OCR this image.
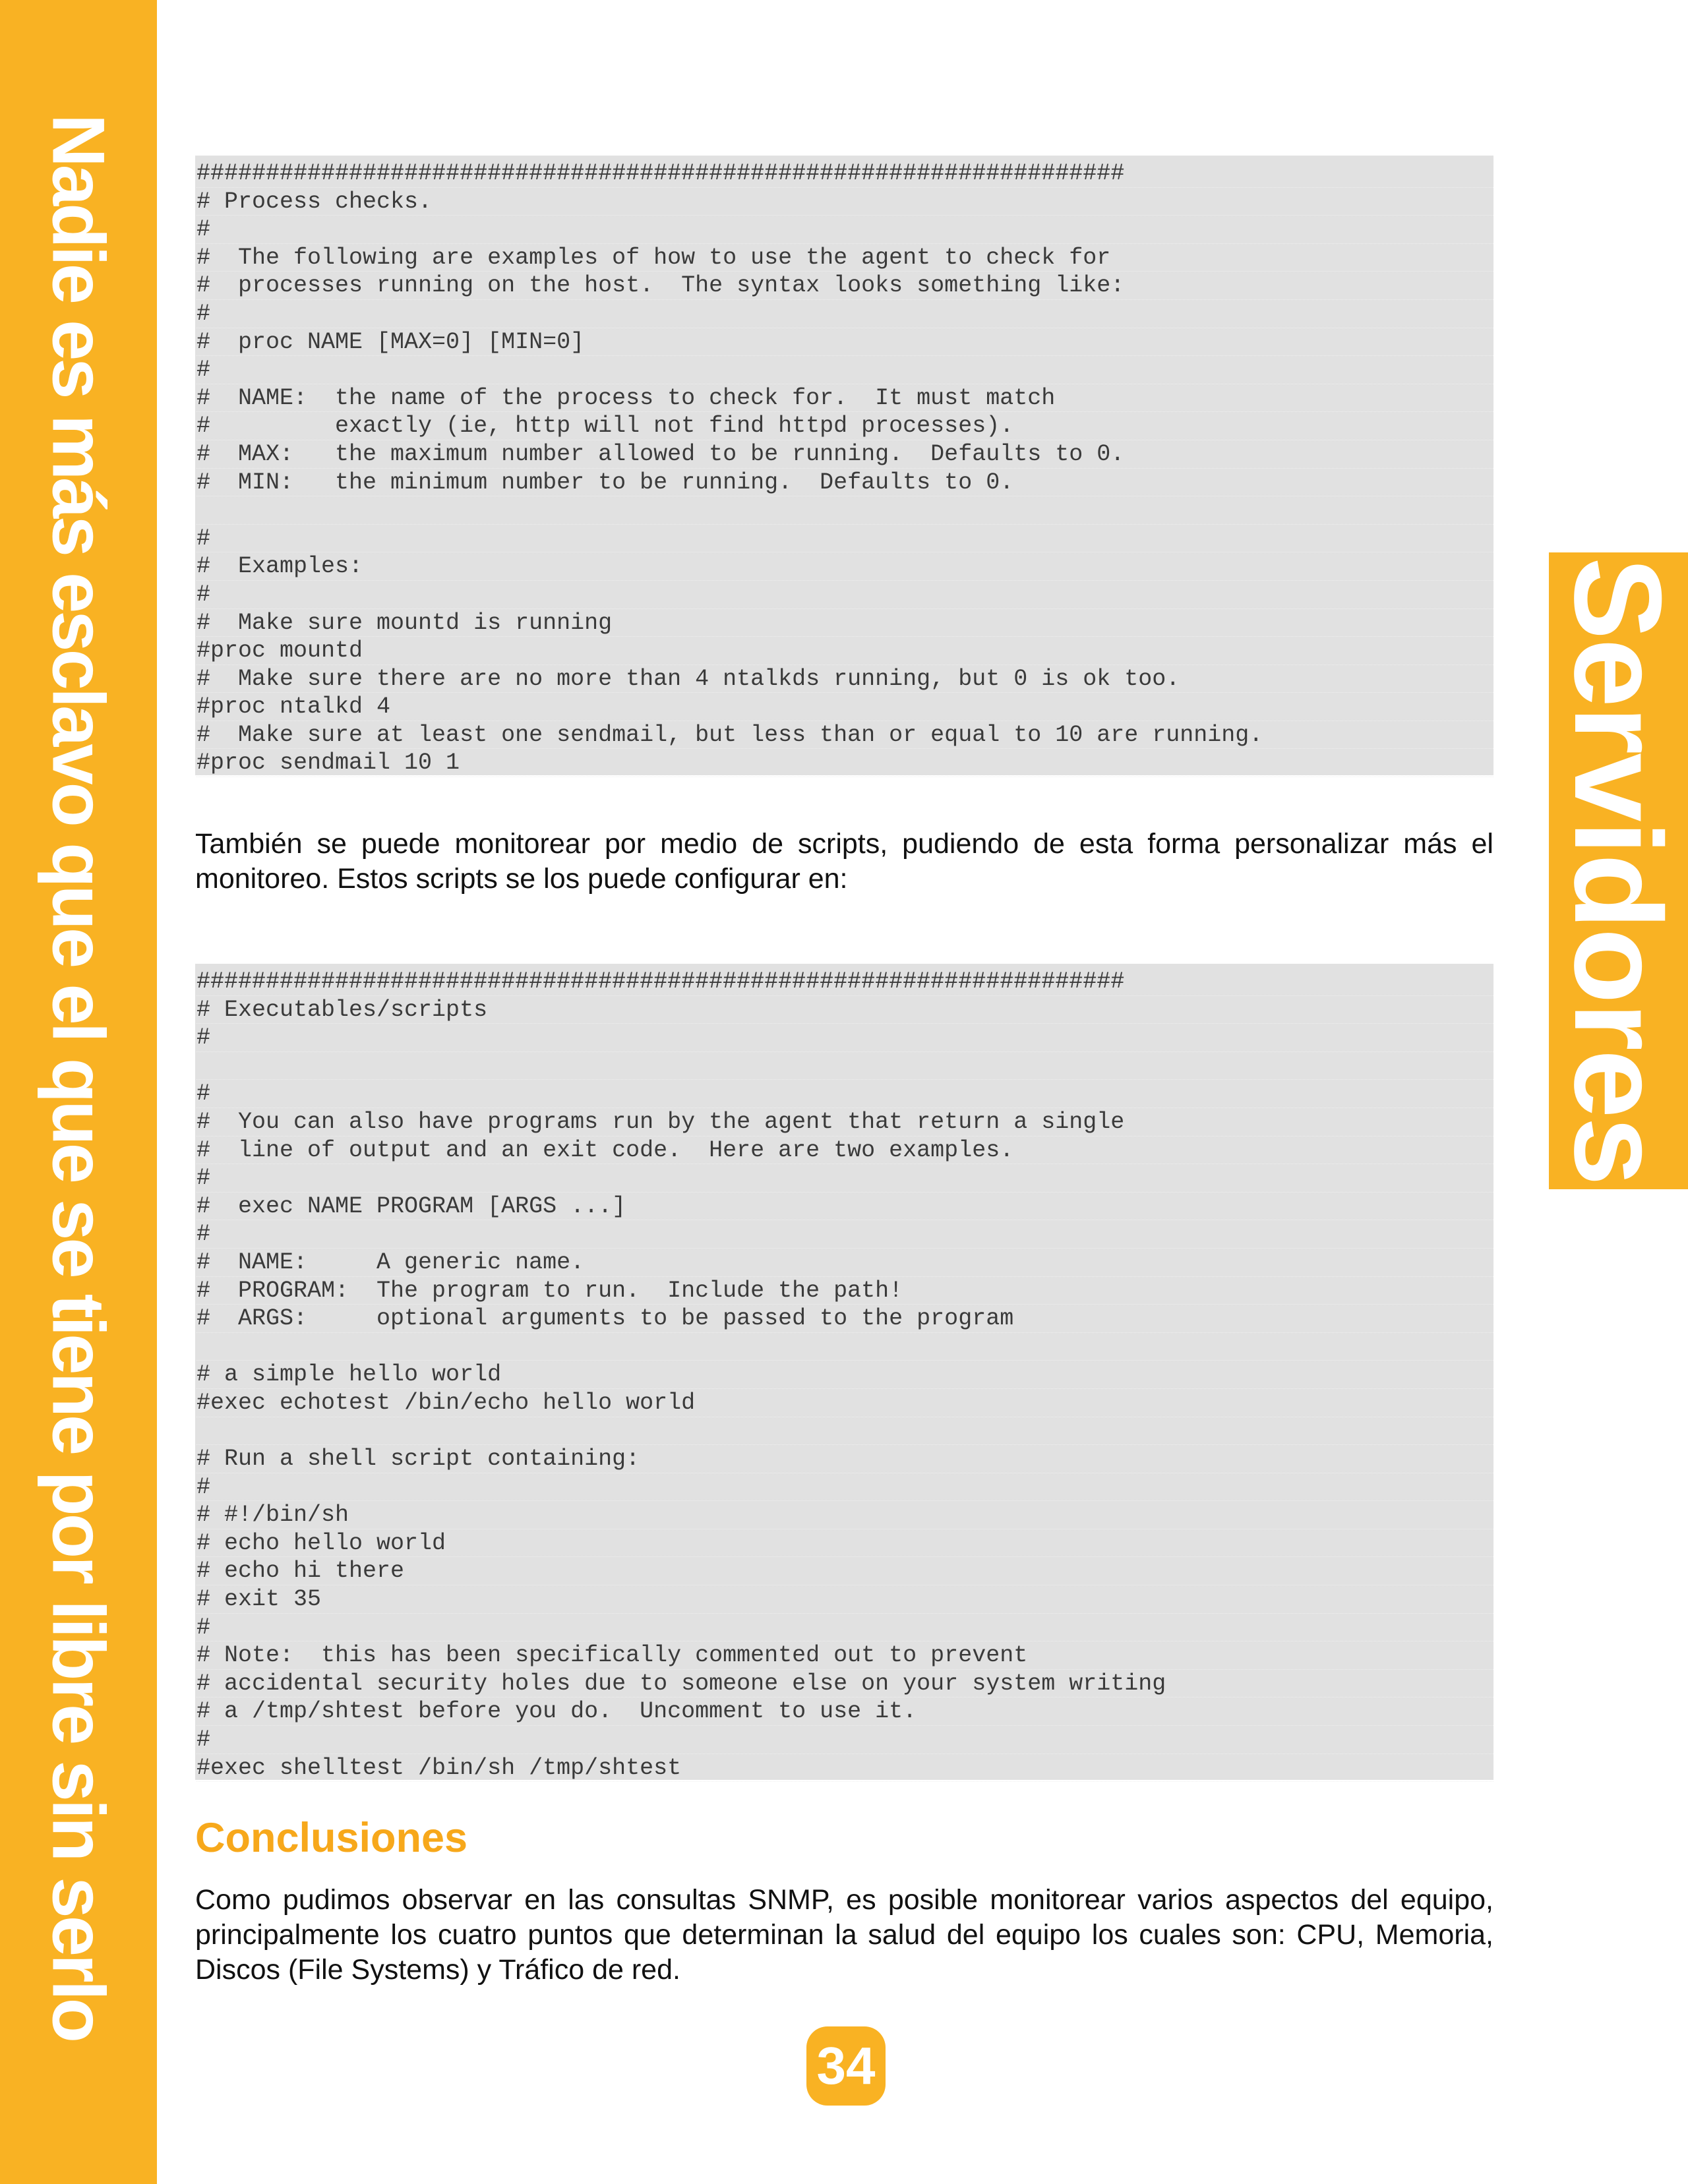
Nadie es más esclavo que el que se tiene por libre sin serlo	Servidores
###################################################################
# Process checks.
#
#  The following are examples of how to use the agent to check for
#  processes running on the host.  The syntax looks something like:
#
#  proc NAME [MAX=0] [MIN=0]
#
#  NAME:  the name of the process to check for.  It must match
#         exactly (ie, http will not find httpd processes).
#  MAX:   the maximum number allowed to be running.  Defaults to 0.
#  MIN:   the minimum number to be running.  Defaults to 0.
#
#  Examples:
#
#  Make sure mountd is running
#proc mountd
#  Make sure there are no more than 4 ntalkds running, but 0 is ok too.
#proc ntalkd 4
#  Make sure at least one sendmail, but less than or equal to 10 are running.
#proc sendmail 10 1
También se puede monitorear por medio de scripts, pudiendo de esta forma personalizar más el monitoreo. Estos scripts se los puede configurar en:
###################################################################
# Executables/scripts
#
#
#  You can also have programs run by the agent that return a single
#  line of output and an exit code.  Here are two examples.
#
#  exec NAME PROGRAM [ARGS ...]
#
#  NAME:     A generic name.
#  PROGRAM:  The program to run.  Include the path!
#  ARGS:     optional arguments to be passed to the program
# a simple hello world
#exec echotest /bin/echo hello world
# Run a shell script containing:
#
# #!/bin/sh
# echo hello world
# echo hi there
# exit 35
#
# Note:  this has been specifically commented out to prevent
# accidental security holes due to someone else on your system writing
# a /tmp/shtest before you do.  Uncomment to use it.
#
#exec shelltest /bin/sh /tmp/shtest
Conclusiones
Como pudimos observar en las consultas SNMP, es posible monitorear varios aspectos del equipo, principalmente los cuatro puntos que determinan la salud del equipo los cuales son: CPU, Memoria, Discos (File Systems) y Tráfico de red.
34
